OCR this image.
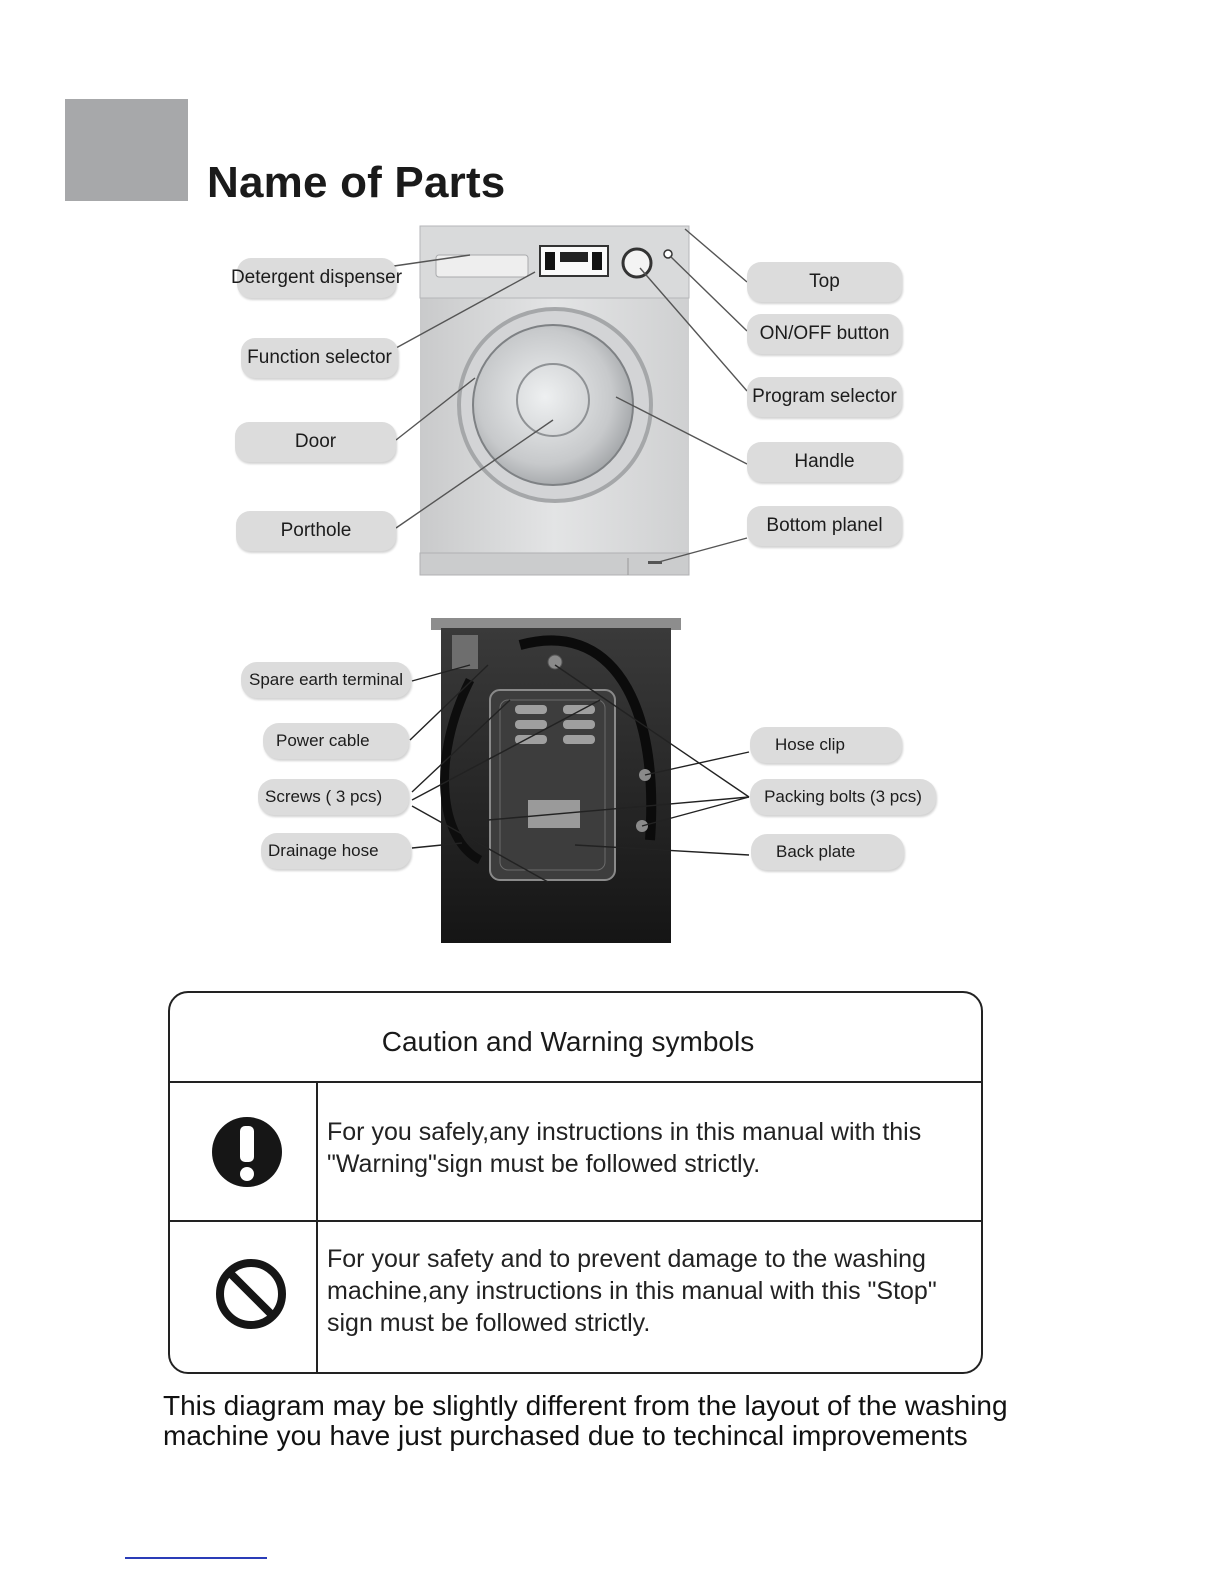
Name of Parts
Detergent dispenser
Function selector
Door
Porthole
Top
ON/OFF button
Program selector
Handle
Bottom planel
Spare earth terminal
Power cable
Screws ( 3 pcs)
Drainage hose
Hose clip
Packing bolts (3 pcs)
Back plate
Caution and Warning symbols
For you safely,any instructions in this manual with this "Warning"sign must be followed strictly.
For your safety and to prevent damage to the washing machine,any instructions in this manual with this "Stop" sign must be followed strictly.
This diagram may be slightly different from the layout of the washing machine you have just purchased due to techincal improvements
